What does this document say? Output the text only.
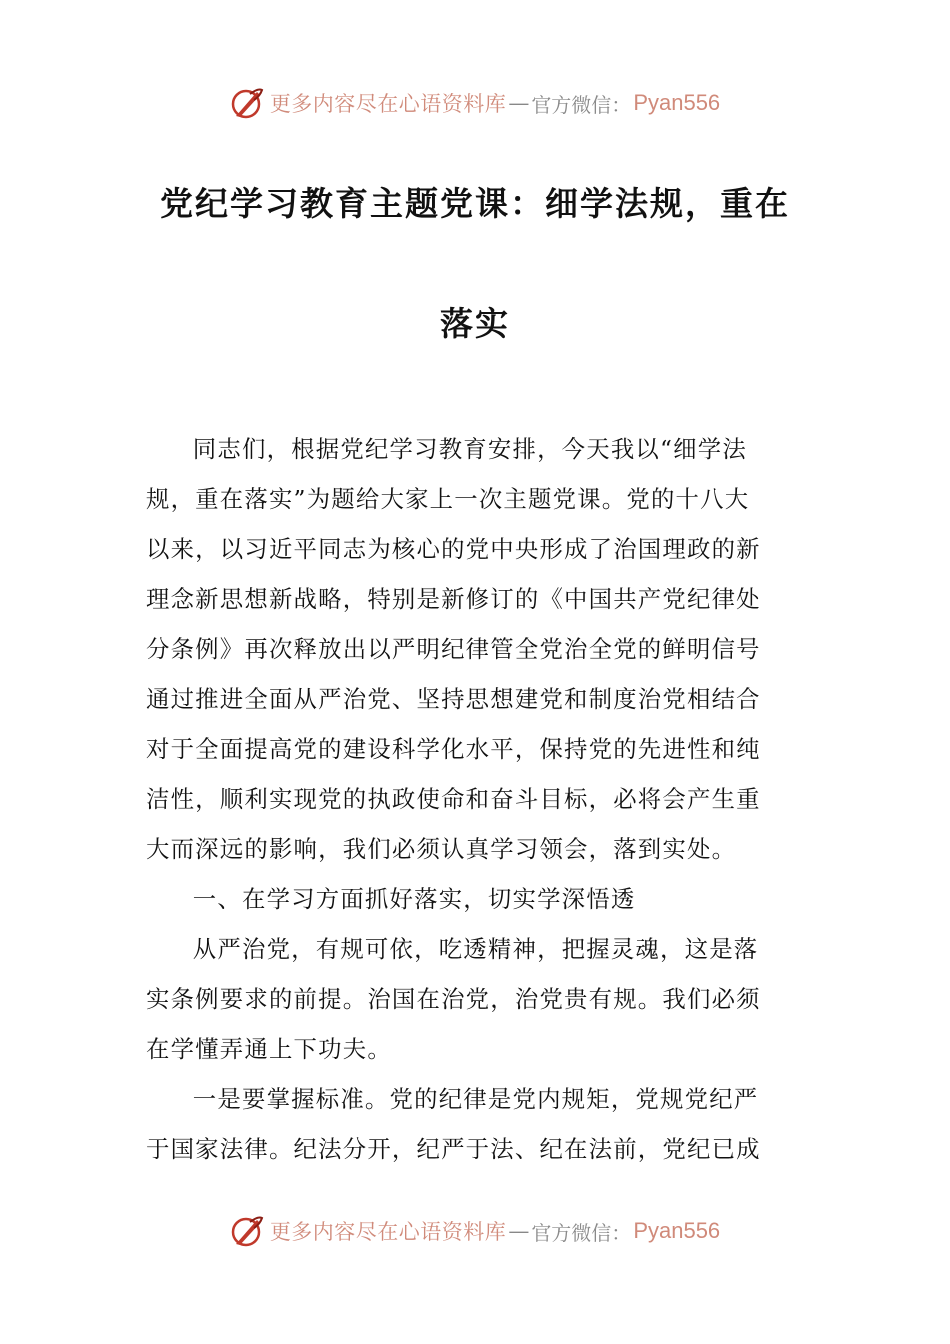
更多内容尽在心语资料库 — 官方微信： Pyan556
党纪学习教育主题党课：细学法规，重在
落实

同志们，根据党纪学习教育安排，今天我以“细学法

规，重在落实”为题给大家上一次主题党课。党的十八大
以来，以习近平同志为核心的党中央形成了治国理政的新
理念新思想新战略，特别是新修订的《中国共产党纪律处
分条例》再次释放出以严明纪律管全党治全党的鲜明信号
通过推进全面从严治党、坚持思想建党和制度治党相结合
对于全面提高党的建设科学化水平，保持党的先进性和纯
洁性，顺利实现党的执政使命和奋斗目标，必将会产生重
大而深远的影响，我们必须认真学习领会，落到实处。

一、在学习方面抓好落实，切实学深悟透

从严治党，有规可依，吃透精神，把握灵魂，这是落

实条例要求的前提。治国在治党，治党贵有规。我们必须
在学懂弄通上下功夫。

一是要掌握标准。党的纪律是党内规矩，党规党纪严

于国家法律。纪法分开，纪严于法、纪在法前，党纪已成
更多内容尽在心语资料库 — 官方微信： Pyan556
